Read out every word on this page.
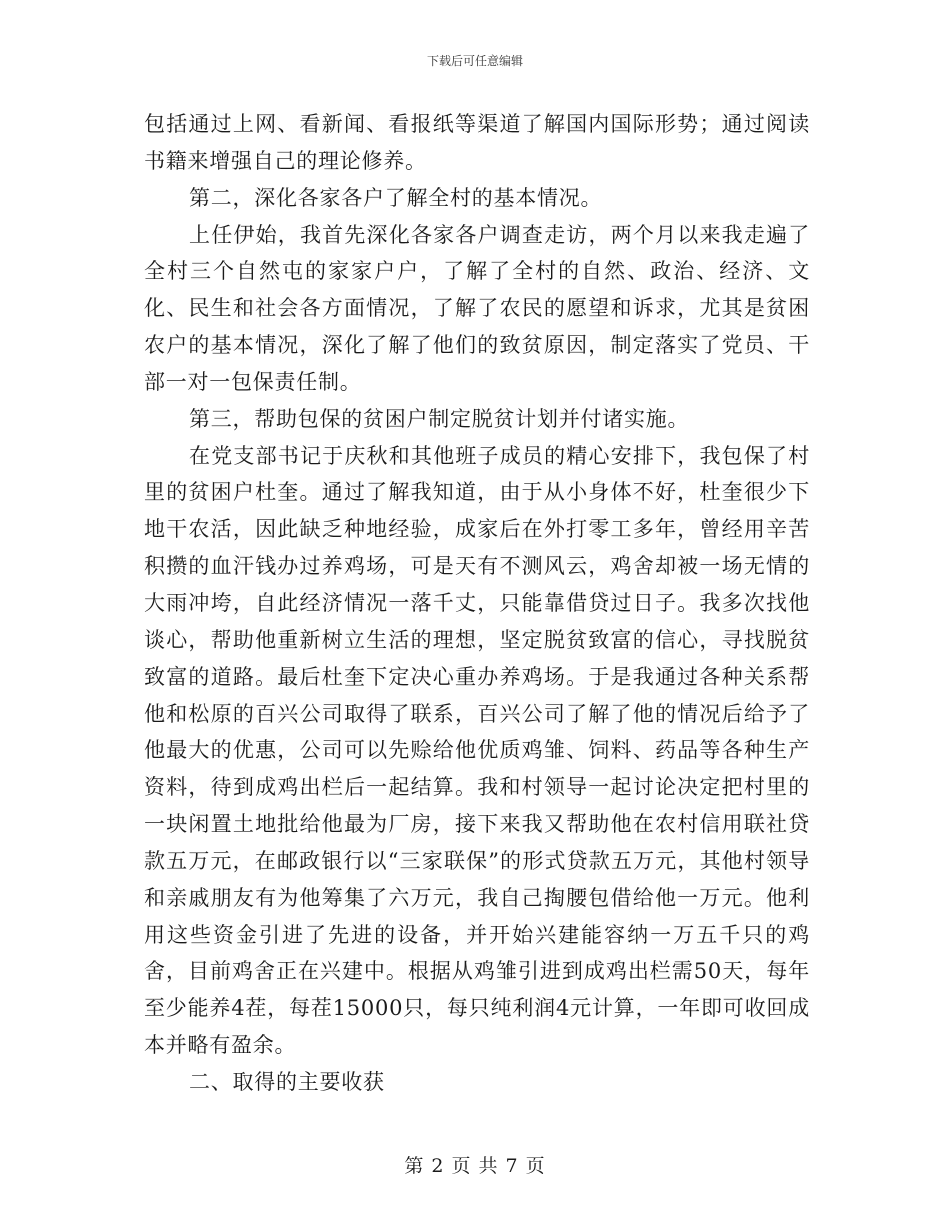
下载后可任意编辑

包括通过上网、看新闻、看报纸等渠道了解国内国际形势；通过阅读书籍来增强自己的理论修养。

第二，深化各家各户了解全村的基本情况。

上任伊始，我首先深化各家各户调查走访，两个月以来我走遍了全村三个自然屯的家家户户，了解了全村的自然、政治、经济、文化、民生和社会各方面情况，了解了农民的愿望和诉求，尤其是贫困农户的基本情况，深化了解了他们的致贫原因，制定落实了党员、干部一对一包保责任制。

第三，帮助包保的贫困户制定脱贫计划并付诸实施。

在党支部书记于庆秋和其他班子成员的精心安排下，我包保了村里的贫困户杜奎。通过了解我知道，由于从小身体不好，杜奎很少下地干农活，因此缺乏种地经验，成家后在外打零工多年，曾经用辛苦积攒的血汗钱办过养鸡场，可是天有不测风云，鸡舍却被一场无情的大雨冲垮，自此经济情况一落千丈，只能靠借贷过日子。我多次找他谈心，帮助他重新树立生活的理想，坚定脱贫致富的信心，寻找脱贫致富的道路。最后杜奎下定决心重办养鸡场。于是我通过各种关系帮他和松原的百兴公司取得了联系，百兴公司了解了他的情况后给予了他最大的优惠，公司可以先赊给他优质鸡雏、饲料、药品等各种生产资料，待到成鸡出栏后一起结算。我和村领导一起讨论决定把村里的一块闲置土地批给他最为厂房，接下来我又帮助他在农村信用联社贷款五万元，在邮政银行以“三家联保”的形式贷款五万元，其他村领导和亲戚朋友有为他筹集了六万元，我自己掏腰包借给他一万元。他利用这些资金引进了先进的设备，并开始兴建能容纳一万五千只的鸡舍，目前鸡舍正在兴建中。根据从鸡雏引进到成鸡出栏需50天，每年至少能养4茬，每茬15000只，每只纯利润4元计算，一年即可收回成本并略有盈余。

二、取得的主要收获

第 2 页 共 7 页
